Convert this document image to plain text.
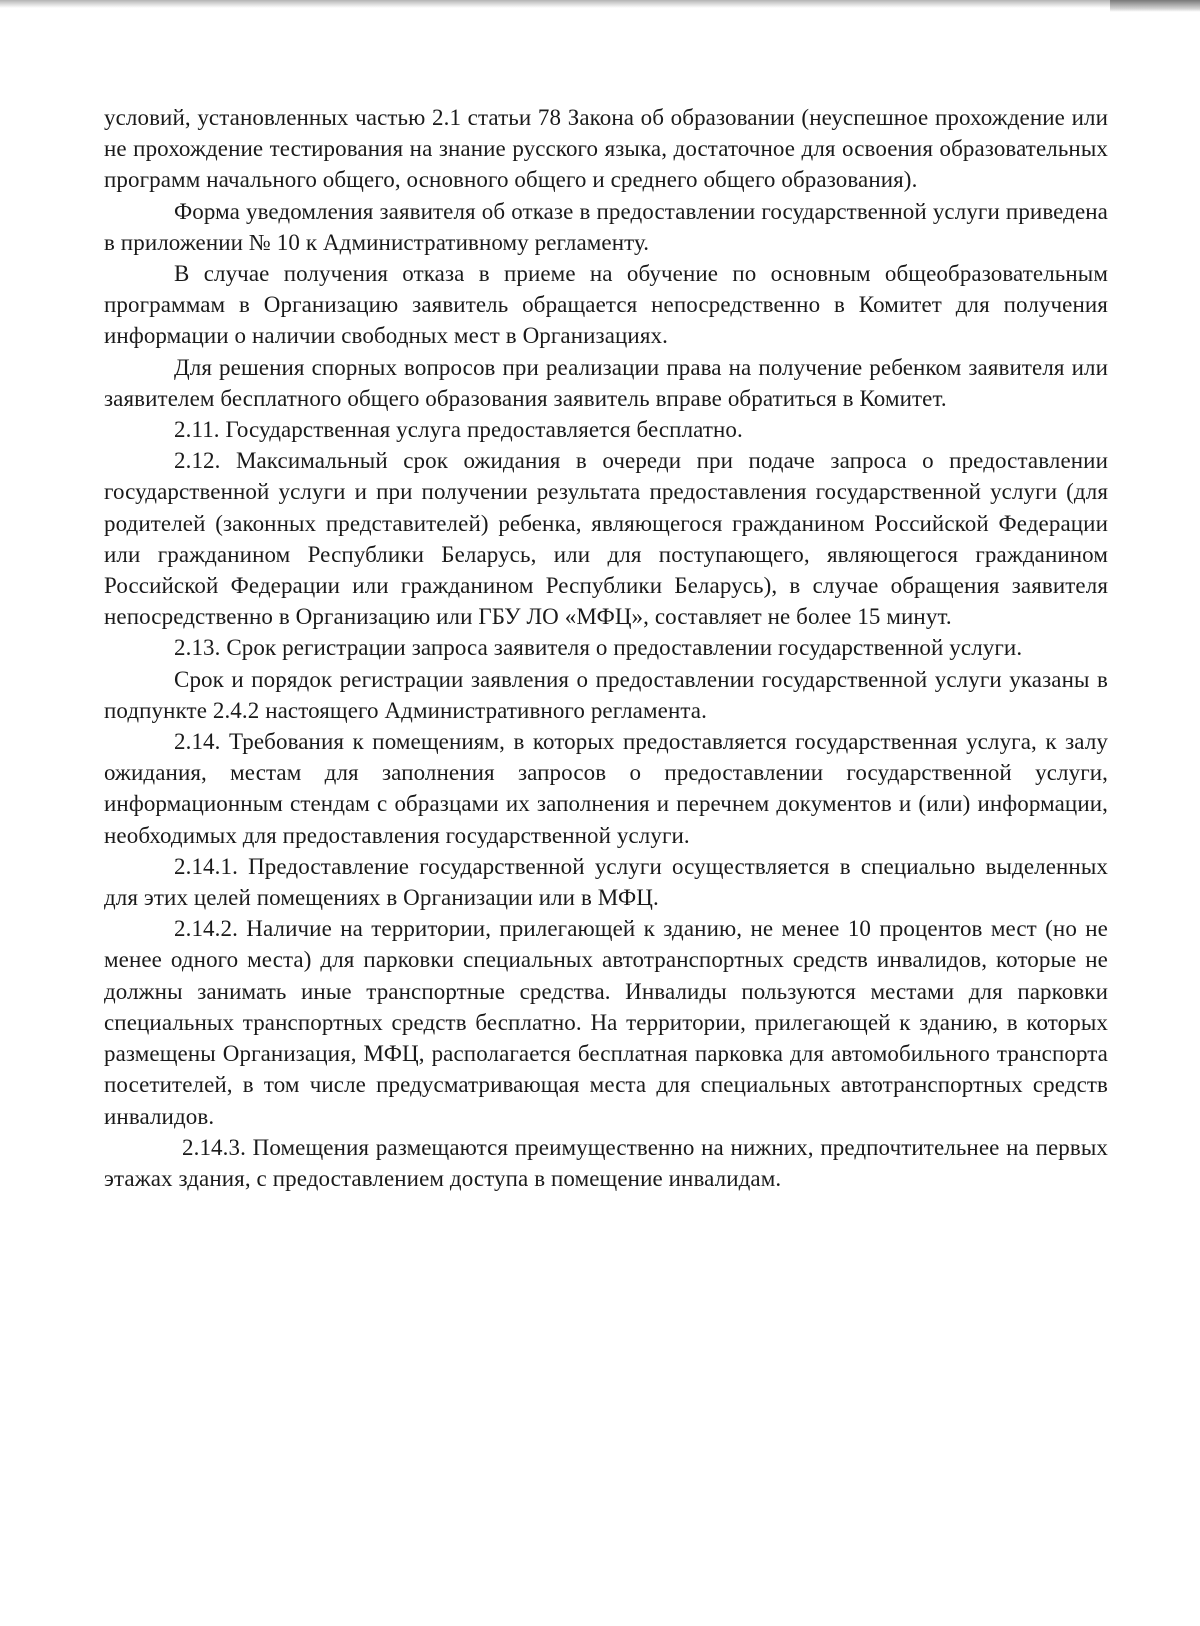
условий, установленных частью 2.1 статьи 78 Закона об образовании (неуспешное прохождение или не прохождение тестирования на знание русского языка, достаточное для освоения образовательных программ начального общего, основного общего и среднего общего образования).

Форма уведомления заявителя об отказе в предоставлении государственной услуги приведена в приложении № 10 к Административному регламенту.

В случае получения отказа в приеме на обучение по основным общеобразовательным программам в Организацию заявитель обращается непосредственно в Комитет для получения информации о наличии свободных мест в Организациях.

Для решения спорных вопросов при реализации права на получение ребенком заявителя или заявителем бесплатного общего образования заявитель вправе обратиться в Комитет.

2.11. Государственная услуга предоставляется бесплатно.

2.12. Максимальный срок ожидания в очереди при подаче запроса о предоставлении государственной услуги и при получении результата предоставления государственной услуги (для родителей (законных представителей) ребенка, являющегося гражданином Российской Федерации или гражданином Республики Беларусь, или для поступающего, являющегося гражданином Российской Федерации или гражданином Республики Беларусь), в случае обращения заявителя непосредственно в Организацию или ГБУ ЛО «МФЦ», составляет не более 15 минут.

2.13. Срок регистрации запроса заявителя о предоставлении государственной услуги.

Срок и порядок регистрации заявления о предоставлении государственной услуги указаны в подпункте 2.4.2 настоящего Административного регламента.

2.14. Требования к помещениям, в которых предоставляется государственная услуга, к залу ожидания, местам для заполнения запросов о предоставлении государственной услуги, информационным стендам с образцами их заполнения и перечнем документов и (или) информации, необходимых для предоставления государственной услуги.

2.14.1. Предоставление государственной услуги осуществляется в специально выделенных для этих целей помещениях в Организации или в МФЦ.

2.14.2. Наличие на территории, прилегающей к зданию, не менее 10 процентов мест (но не менее одного места) для парковки специальных автотранспортных средств инвалидов, которые не должны занимать иные транспортные средства. Инвалиды пользуются местами для парковки специальных транспортных средств бесплатно. На территории, прилегающей к зданию, в которых размещены Организация, МФЦ, располагается бесплатная парковка для автомобильного транспорта посетителей, в том числе предусматривающая места для специальных автотранспортных средств инвалидов.

2.14.3. Помещения размещаются преимущественно на нижних, предпочтительнее на первых этажах здания, с предоставлением доступа в помещение инвалидам.
